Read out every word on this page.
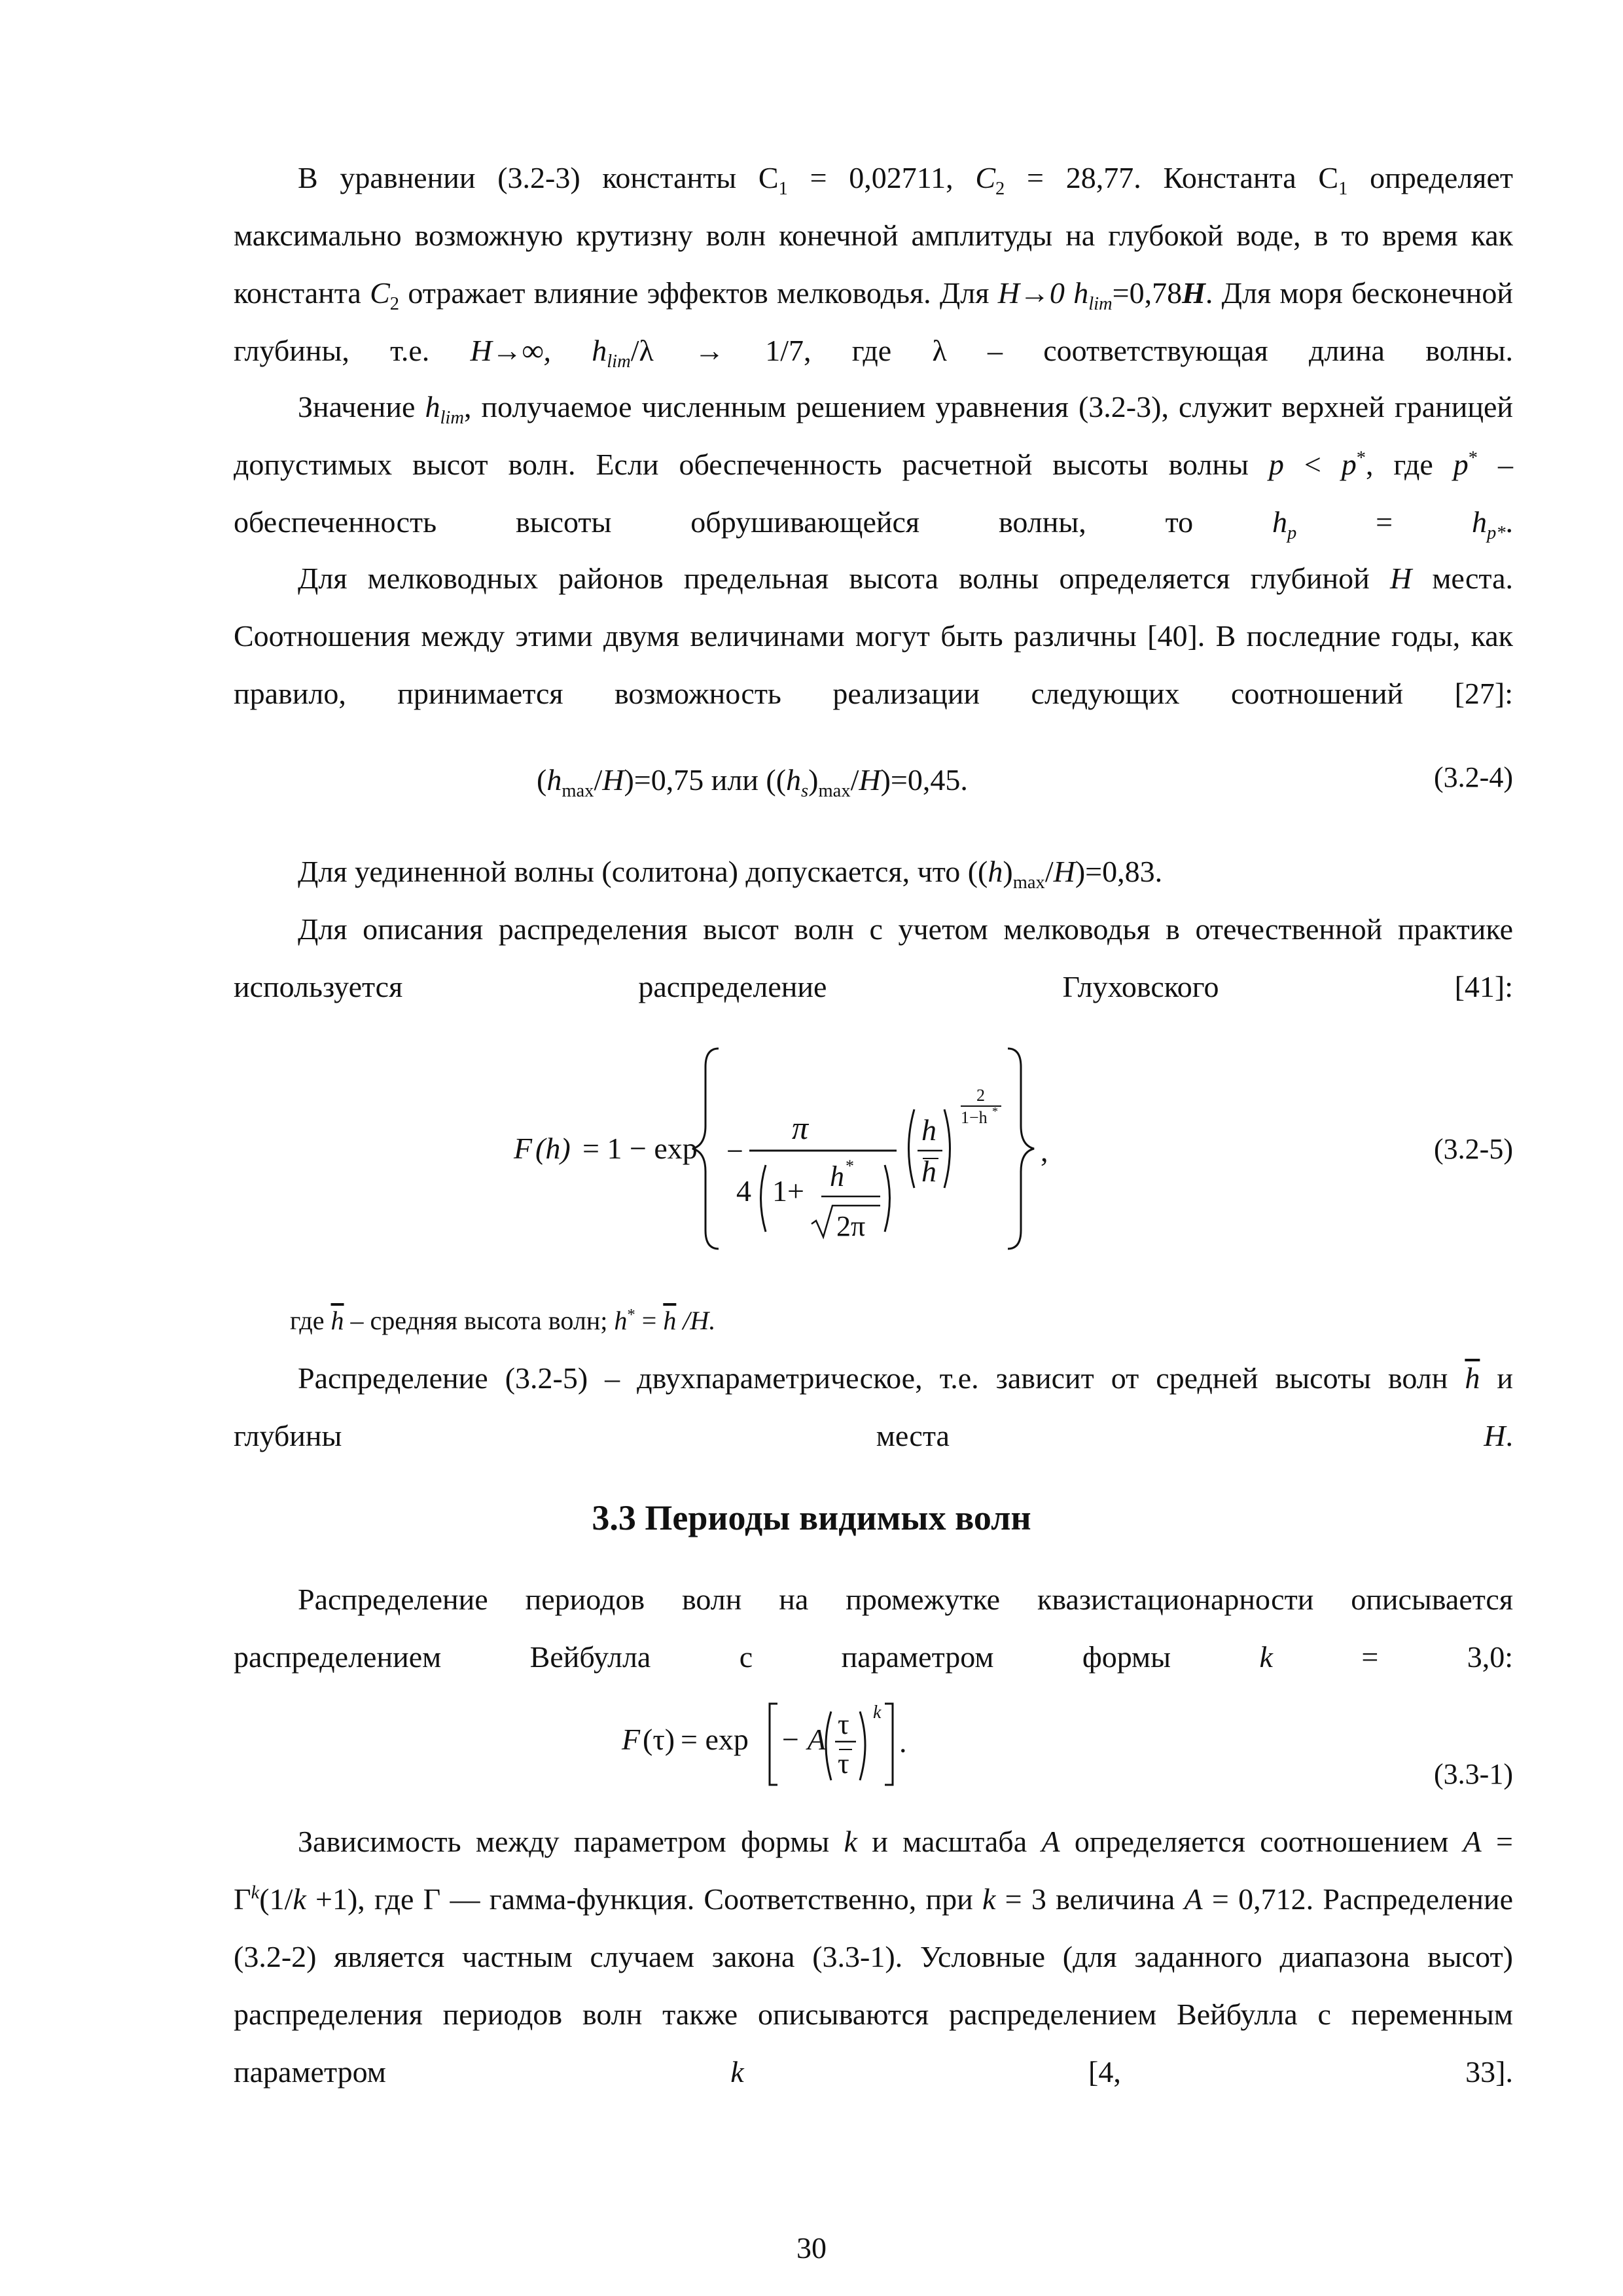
В уравнении (3.2-3) константы $C_1 = 0,02711$, $C_2 = 28,77$. Константа $C_1$ определяет максимально возможную крутизну волн конечной амплитуды на глубокой воде, в то время как константа $C_2$ отражает влияние эффектов мелководья. Для H→0 $h_{lim}=0,78H$. Для моря бесконечной глубины, т.е. H→∞, $h_{lim}/\lambda \to 1/7$, где λ – соответствующая длина волны.

Значение $h_{lim}$, получаемое численным решением уравнения (3.2-3), служит верхней границей допустимых высот волн. Если обеспеченность расчетной высоты волны p < p*, где p* – обеспеченность высоты обрушивающейся волны, то $h_p = h_{p*}$.

Для мелководных районов предельная высота волны определяется глубиной H места. Соотношения между этими двумя величинами могут быть различны [40]. В последние годы, как правило, принимается возможность реализации следующих соотношений [27]:

$(h_{max}/H)=0,75$ или $((h_s)_{max}/H)=0,45$.	(3.2-4)

Для уединенной волны (солитона) допускается, что $((h)_{max}/H)=0,83$.

Для описания распределения высот волн с учетом мелководья в отечественной практике используется распределение Глуховского [41]:

F (h) = 1 − exp −
π
4 1+ h *
2π
h
h
2
1−h *
,	(3.2-5)
где $\overline{h}$ – средняя высота волн; $h^* = \overline{h}$ /H.

Распределение (3.2-5) – двухпараметрическое, т.е. зависит от средней высоты волн $\overline{h}$ и глубины места H.

3.3 Периоды видимых волн

Распределение периодов волн на промежутке квазистационарности описывается распределением Вейбулла с параметром формы k = 3,0:

F (τ) = exp − A τ
τ
k
.
(3.3-1)

Зависимость между параметром формы k и масштаба A определяется соотношением $A = \Gamma^k(1/k +1)$, где Γ — гамма-функция. Соответственно, при k = 3 величина A = 0,712. Распределение (3.2-2) является частным случаем закона (3.3-1). Условные (для заданного диапазона высот) распределения периодов волн также описываются распределением Вейбулла с переменным параметром k [4, 33].

30
